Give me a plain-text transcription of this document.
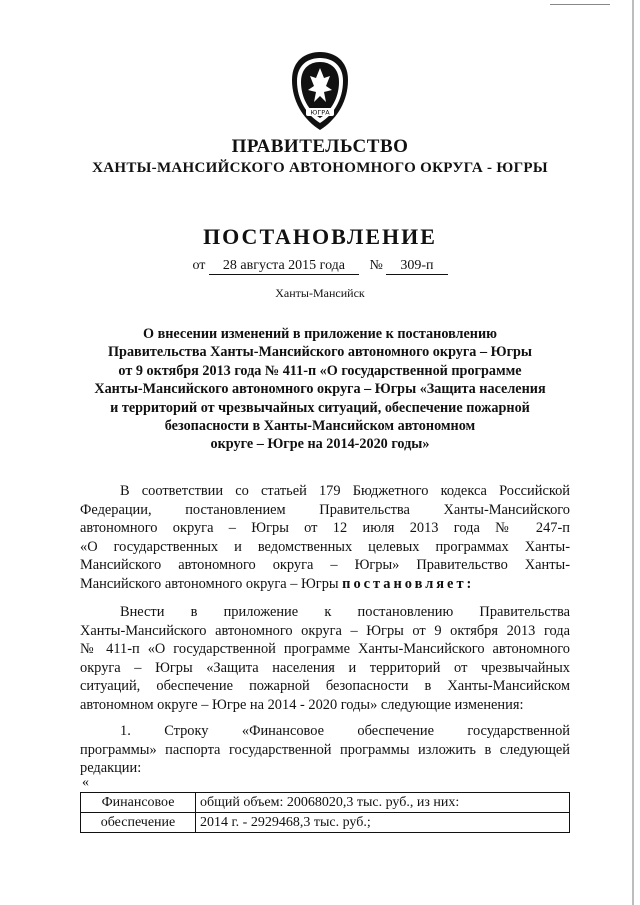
ЮГРА
ПРАВИТЕЛЬСТВО
ХАНТЫ-МАНСИЙСКОГО АВТОНОМНОГО ОКРУГА - ЮГРЫ
ПОСТАНОВЛЕНИЕ
от 28 августа 2015 года № 309-п
Ханты-Мансийск
О внесении изменений в приложение к постановлению
Правительства Ханты-Мансийского автономного округа – Югры
от 9 октября 2013 года № 411-п «О государственной программе
Ханты-Мансийского автономного округа – Югры «Защита населения
и территорий от чрезвычайных ситуаций, обеспечение пожарной
безопасности в Ханты-Мансийском автономном
округе – Югре на 2014-2020 годы»
В соответствии со статьей 179 Бюджетного кодекса Российской
Федерации, постановлением Правительства Ханты-Мансийского
автономного округа – Югры от 12 июля 2013 года № 247-п
«О государственных и ведомственных целевых программах Ханты-
Мансийского автономного округа – Югры» Правительство Ханты-
Мансийского автономного округа – Югры постановляет:
Внести в приложение к постановлению Правительства
Ханты-Мансийского автономного округа – Югры от 9 октября 2013 года
№ 411-п «О государственной программе Ханты-Мансийского автономного
округа – Югры «Защита населения и территорий от чрезвычайных
ситуаций, обеспечение пожарной безопасности в Ханты-Мансийском
автономном округе – Югре на 2014 - 2020 годы» следующие изменения:
1. Строку «Финансовое обеспечение государственной
программы» паспорта государственной программы изложить в следующей
редакции:
«
Финансовое	общий объем: 20068020,3 тыс. руб., из них:
обеспечение	2014 г. - 2929468,3 тыс. руб.;
